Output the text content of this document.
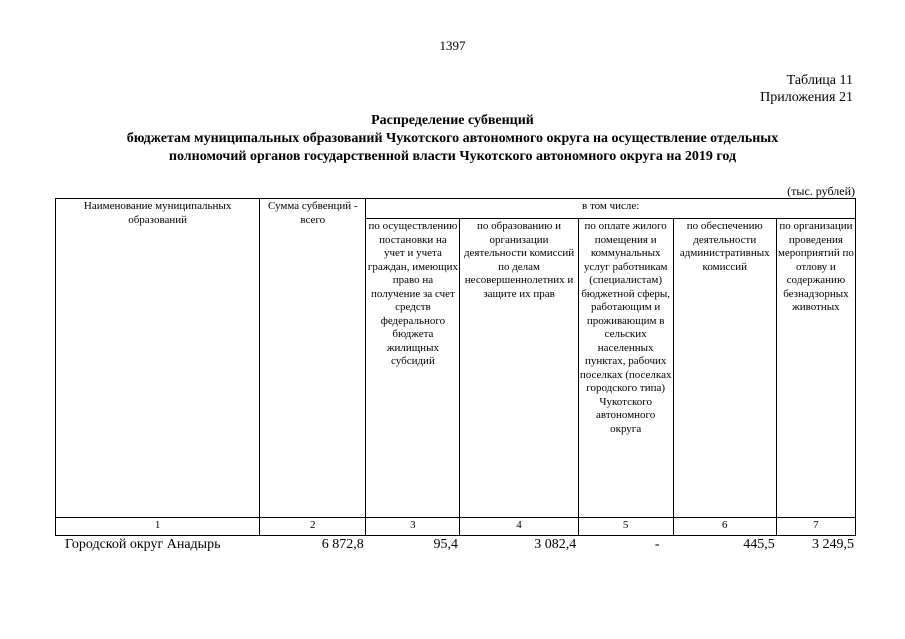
1397
Таблица 11
Приложения 21
Распределение субвенций
бюджетам муниципальных образований Чукотского автономного округа на осуществление отдельных
полномочий органов государственной власти Чукотского автономного округа на 2019 год
(тыс. рублей)
Наименование муниципальных образований	Сумма субвенций - всего	в том числе:				
		по осуществлению постановки на учет и учета граждан, имеющих право на получение за счет средств федерального бюджета жилищных субсидий	по образованию и организации деятельности комиссий по делам несовершеннолетних и защите их прав	по оплате жилого помещения и коммунальных услуг работникам (специалистам) бюджетной сферы, работающим и проживающим в сельских населенных пунктах, рабочих поселках (поселках городского типа) Чукотского автономного округа	по обеспечению деятельности административных комиссий	по организации проведения мероприятий по отлову и содержанию безнадзорных животных
1	2	3	4	5	6	7
Городской округ Анадырь	6 872,8	95,4	3 082,4	-	445,5	3 249,5
